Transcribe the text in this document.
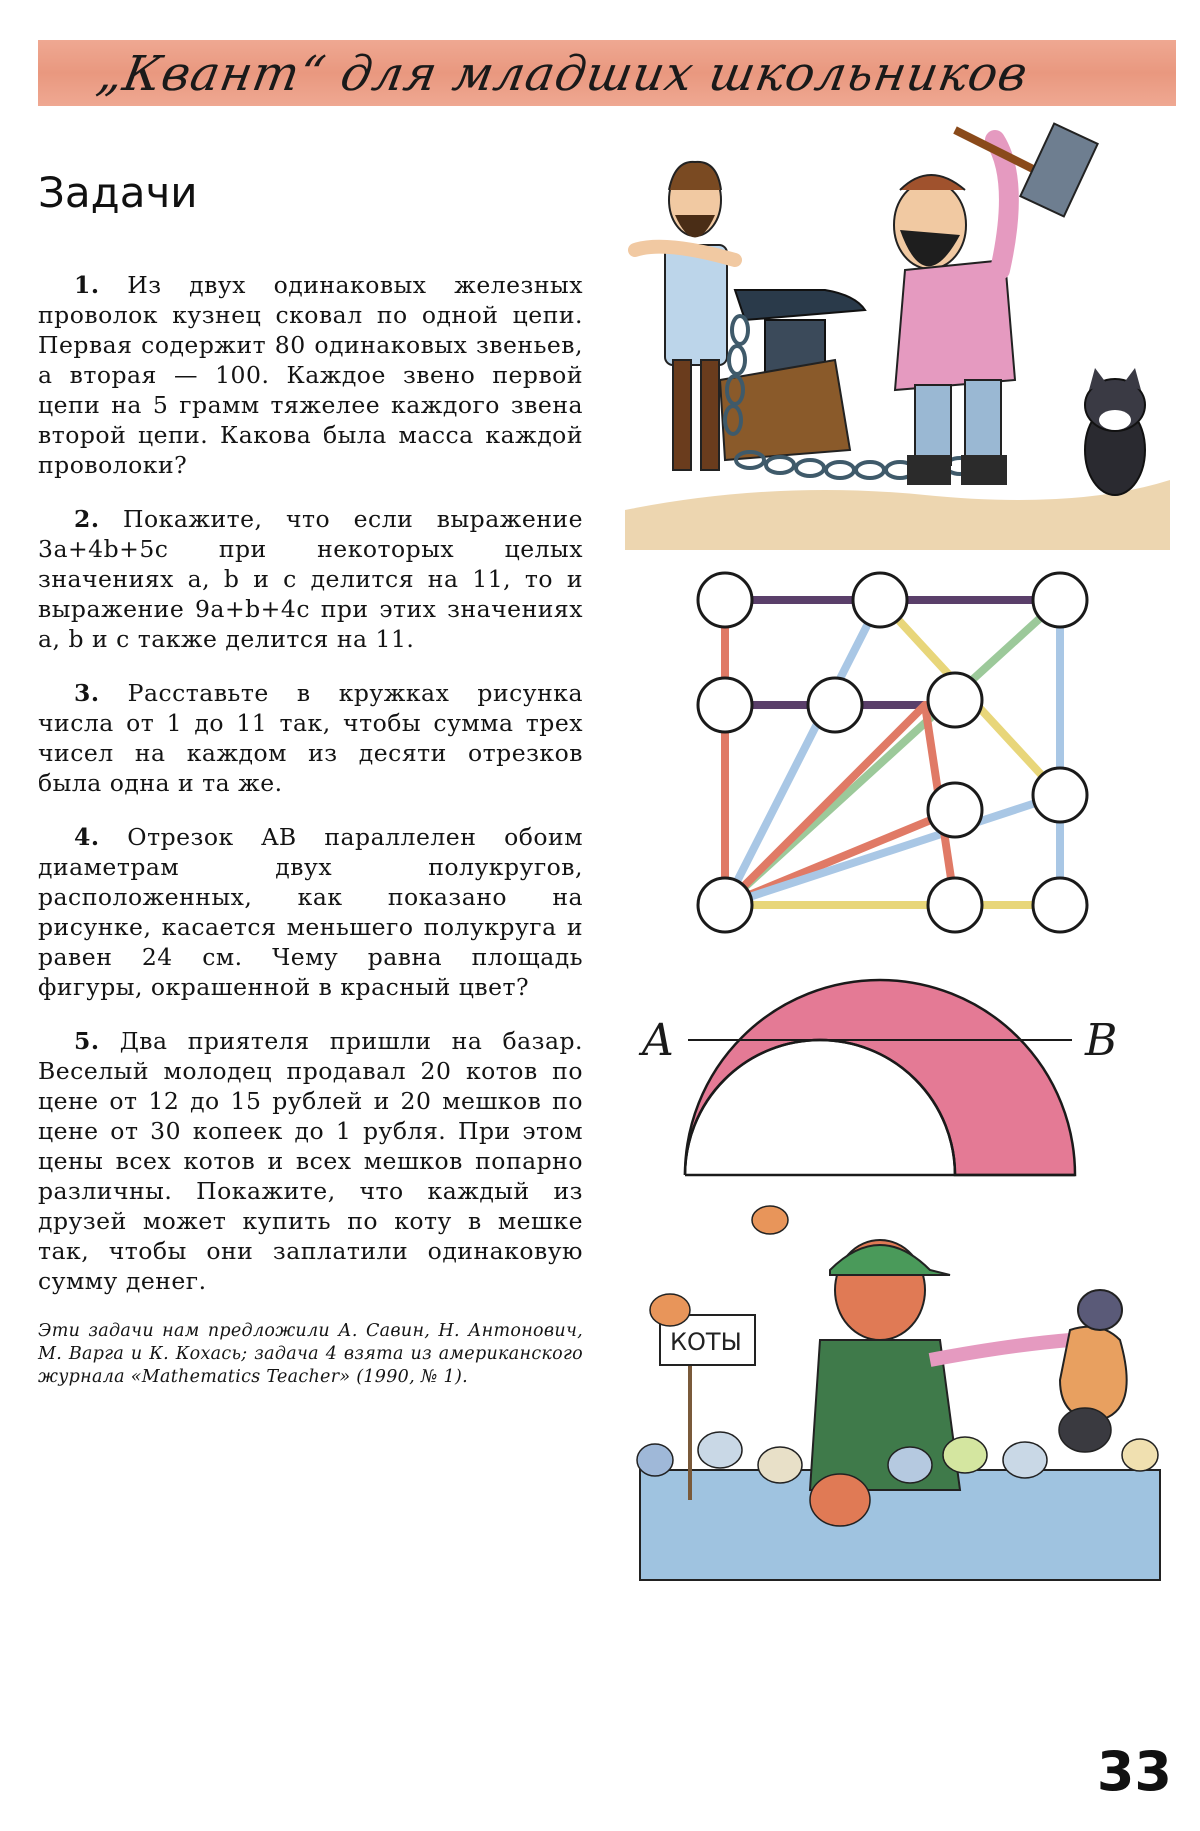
„Квант“ для младших школьников
Задачи

1. Из двух одинаковых железных проволок кузнец сковал по одной цепи. Первая содержит 80 одинаковых звеньев, а вторая — 100. Каждое звено первой цепи на 5 грамм тяжелее каждого звена второй цепи. Какова была масса каждой проволоки?

2. Покажите, что если выражение 3a+4b+5c при некоторых целых значениях a, b и c делится на 11, то и выражение 9a+b+4c при этих значениях a, b и c также делится на 11.

3. Расставьте в кружках рисунка числа от 1 до 11 так, чтобы сумма трех чисел на каждом из десяти отрезков была одна и та же.

4. Отрезок AB параллелен обоим диаметрам двух полукругов, расположенных, как показано на рисунке, касается меньшего полукруга и равен 24 см. Чему равна площадь фигуры, окрашенной в красный цвет?

5. Два приятеля пришли на базар. Веселый молодец продавал 20 котов по цене от 12 до 15 рублей и 20 мешков по цене от 30 копеек до 1 рубля. При этом цены всех котов и всех мешков попарно различны. Покажите, что каждый из друзей может купить по коту в мешке так, чтобы они заплатили одинаковую сумму денег.

Эти задачи нам предложили А. Савин, Н. Антонович, М. Варга и К. Кохась; задача 4 взята из американского журнала «Mathematics Teacher» (1990, № 1).

A	B
КОТЫ
33
